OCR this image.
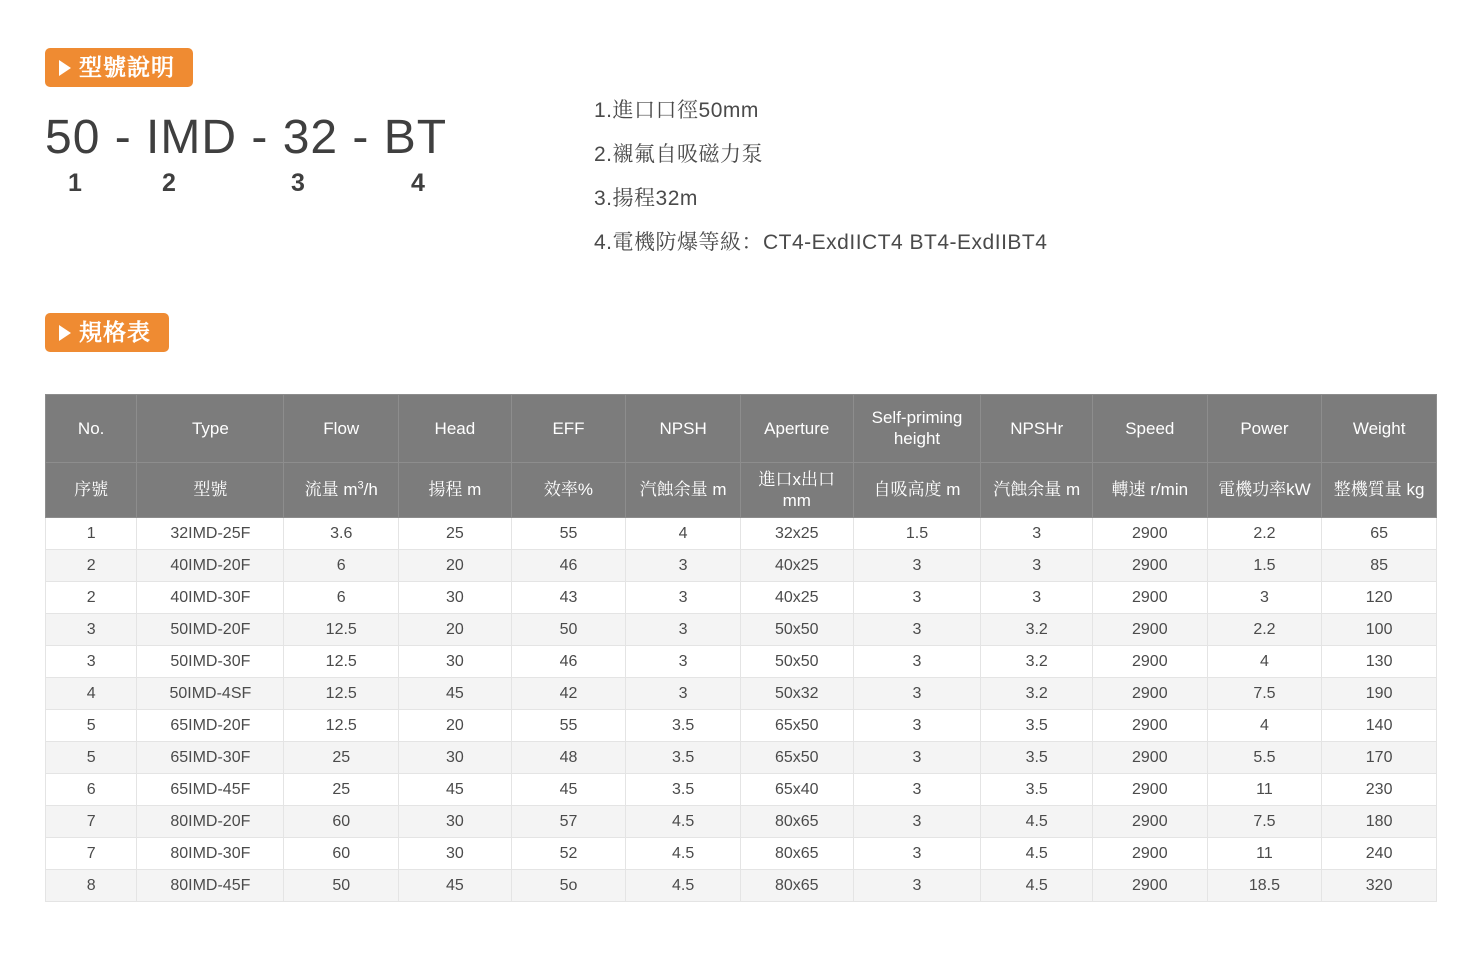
型號說明
50 - IMD - 32 - BT
1	2	3	4
1.進口口徑50mm
2.襯氟自吸磁力泵
3.揚程32m
4.電機防爆等級：CT4-ExdIICT4 BT4-ExdIIBT4
規格表
No.	Type	Flow	Head	EFF	NPSH	Aperture	Self-priming height	NPSHr	Speed	Power	Weight
序號	型號	流量 $m^3/h$	揚程 m	效率%	汽蝕余量 m	進口x出口 mm	自吸高度 m	汽蝕余量 m	轉速 r/min	電機功率kW	整機質量 kg
1	32IMD-25F	3.6	25	55	4	32x25	1.5	3	2900	2.2	65
2	40IMD-20F	6	20	46	3	40x25	3	3	2900	1.5	85
2	40IMD-30F	6	30	43	3	40x25	3	3	2900	3	120
3	50IMD-20F	12.5	20	50	3	50x50	3	3.2	2900	2.2	100
3	50IMD-30F	12.5	30	46	3	50x50	3	3.2	2900	4	130
4	50IMD-4SF	12.5	45	42	3	50x32	3	3.2	2900	7.5	190
5	65IMD-20F	12.5	20	55	3.5	65x50	3	3.5	2900	4	140
5	65IMD-30F	25	30	48	3.5	65x50	3	3.5	2900	5.5	170
6	65IMD-45F	25	45	45	3.5	65x40	3	3.5	2900	11	230
7	80IMD-20F	60	30	57	4.5	80x65	3	4.5	2900	7.5	180
7	80IMD-30F	60	30	52	4.5	80x65	3	4.5	2900	11	240
8	80IMD-45F	50	45	5o	4.5	80x65	3	4.5	2900	18.5	320
